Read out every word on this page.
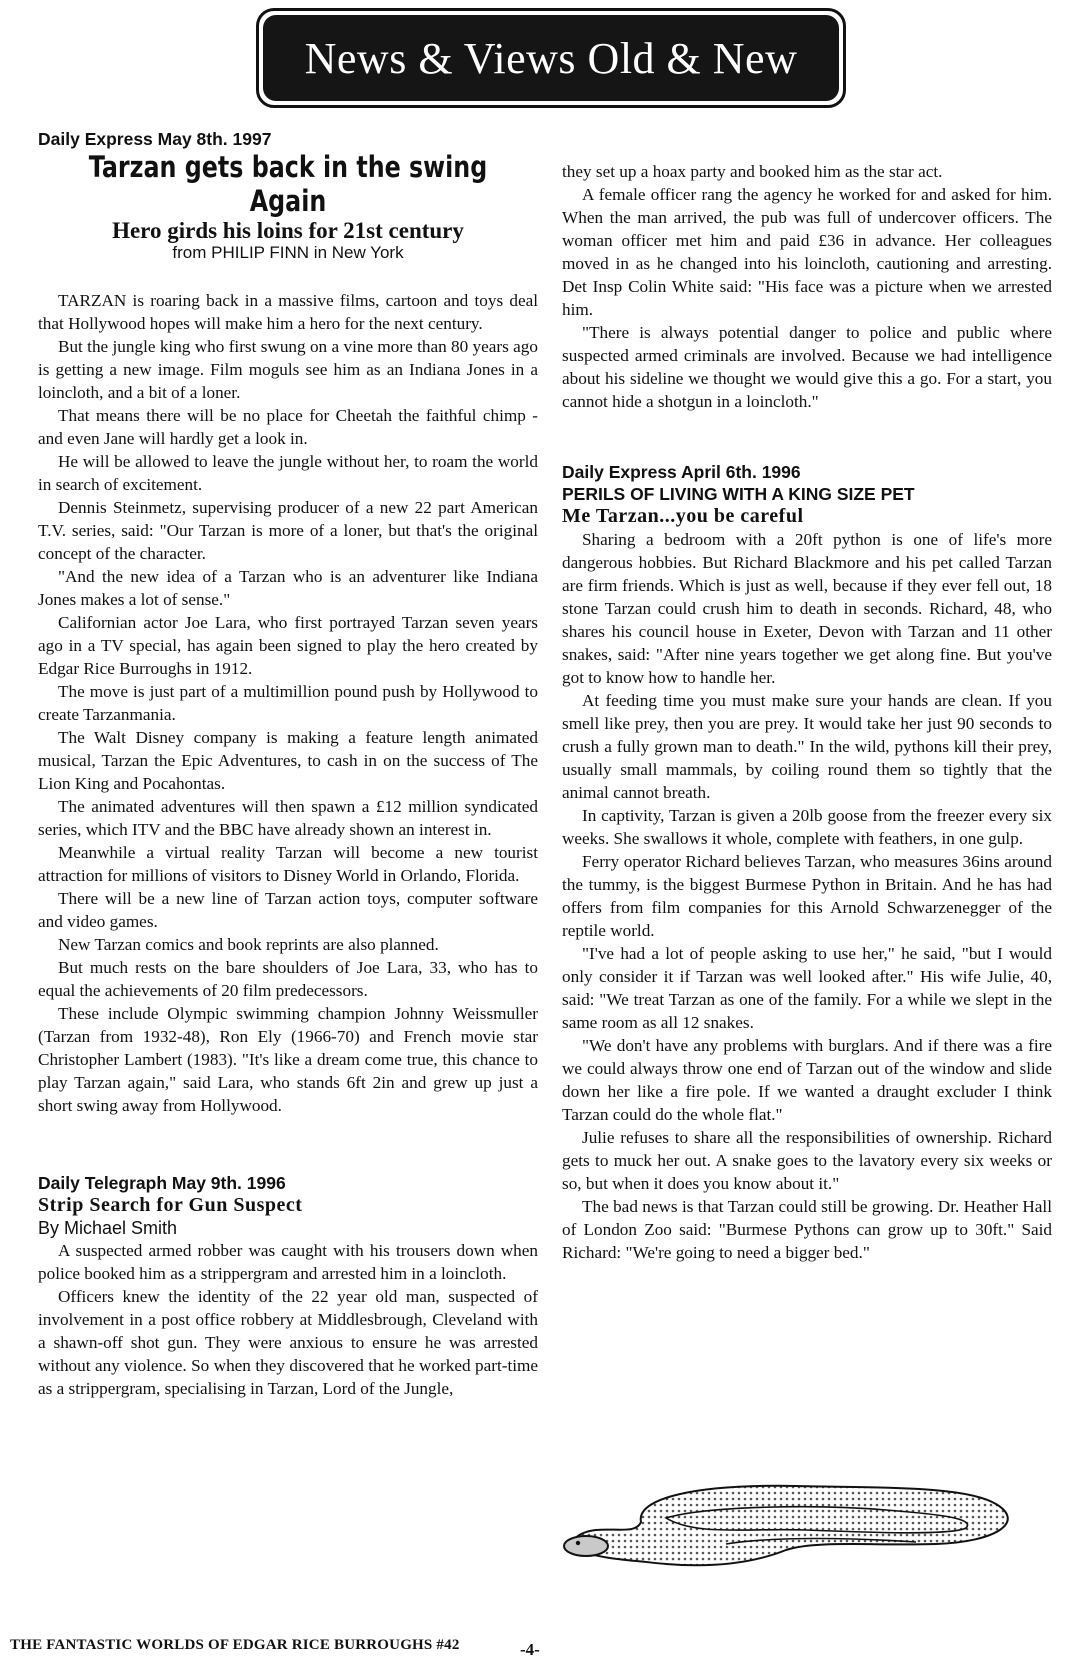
News & Views Old & New

Daily Express May 8th. 1997

Tarzan gets back in the swing Again

Hero girds his loins for 21st century

from PHILIP FINN in New York

TARZAN is roaring back in a massive films, cartoon and toys deal that Hollywood hopes will make him a hero for the next century.

But the jungle king who first swung on a vine more than 80 years ago is getting a new image. Film moguls see him as an Indiana Jones in a loincloth, and a bit of a loner.

That means there will be no place for Cheetah the faithful chimp - and even Jane will hardly get a look in.

He will be allowed to leave the jungle without her, to roam the world in search of excitement.

Dennis Steinmetz, supervising producer of a new 22 part American T.V. series, said: "Our Tarzan is more of a loner, but that's the original concept of the character.

"And the new idea of a Tarzan who is an adventurer like Indiana Jones makes a lot of sense."

Californian actor Joe Lara, who first portrayed Tarzan seven years ago in a TV special, has again been signed to play the hero created by Edgar Rice Burroughs in 1912.

The move is just part of a multimillion pound push by Hollywood to create Tarzanmania.

The Walt Disney company is making a feature length animated musical, Tarzan the Epic Adventures, to cash in on the success of The Lion King and Pocahontas.

The animated adventures will then spawn a £12 million syndicated series, which ITV and the BBC have already shown an interest in.

Meanwhile a virtual reality Tarzan will become a new tourist attraction for millions of visitors to Disney World in Orlando, Florida.

There will be a new line of Tarzan action toys, computer software and video games.

New Tarzan comics and book reprints are also planned.

But much rests on the bare shoulders of Joe Lara, 33, who has to equal the achievements of 20 film predecessors.

These include Olympic swimming champion Johnny Weissmuller (Tarzan from 1932-48), Ron Ely (1966-70) and French movie star Christopher Lambert (1983). "It's like a dream come true, this chance to play Tarzan again," said Lara, who stands 6ft 2in and grew up just a short swing away from Hollywood.

Daily Telegraph May 9th. 1996

Strip Search for Gun Suspect

By Michael Smith

A suspected armed robber was caught with his trousers down when police booked him as a strippergram and arrested him in a loincloth.

Officers knew the identity of the 22 year old man, suspected of involvement in a post office robbery at Middlesbrough, Cleveland with a shawn-off shot gun. They were anxious to ensure he was arrested without any violence. So when they discovered that he worked part-time as a strippergram, specialising in Tarzan, Lord of the Jungle,

they set up a hoax party and booked him as the star act.

A female officer rang the agency he worked for and asked for him. When the man arrived, the pub was full of undercover officers. The woman officer met him and paid £36 in advance. Her colleagues moved in as he changed into his loincloth, cautioning and arresting. Det Insp Colin White said: "His face was a picture when we arrested him.

"There is always potential danger to police and public where suspected armed criminals are involved. Because we had intelligence about his sideline we thought we would give this a go. For a start, you cannot hide a shotgun in a loincloth."

Daily Express April 6th. 1996

PERILS OF LIVING WITH A KING SIZE PET

Me Tarzan...you be careful

Sharing a bedroom with a 20ft python is one of life's more dangerous hobbies. But Richard Blackmore and his pet called Tarzan are firm friends. Which is just as well, because if they ever fell out, 18 stone Tarzan could crush him to death in seconds. Richard, 48, who shares his council house in Exeter, Devon with Tarzan and 11 other snakes, said: "After nine years together we get along fine. But you've got to know how to handle her.

At feeding time you must make sure your hands are clean. If you smell like prey, then you are prey. It would take her just 90 seconds to crush a fully grown man to death." In the wild, pythons kill their prey, usually small mammals, by coiling round them so tightly that the animal cannot breath.

In captivity, Tarzan is given a 20lb goose from the freezer every six weeks. She swallows it whole, complete with feathers, in one gulp.

Ferry operator Richard believes Tarzan, who measures 36ins around the tummy, is the biggest Burmese Python in Britain. And he has had offers from film companies for this Arnold Schwarzenegger of the reptile world.

"I've had a lot of people asking to use her," he said, "but I would only consider it if Tarzan was well looked after." His wife Julie, 40, said: "We treat Tarzan as one of the family. For a while we slept in the same room as all 12 snakes.

"We don't have any problems with burglars. And if there was a fire we could always throw one end of Tarzan out of the window and slide down her like a fire pole. If we wanted a draught excluder I think Tarzan could do the whole flat."

Julie refuses to share all the responsibilities of ownership. Richard gets to muck her out. A snake goes to the lavatory every six weeks or so, but when it does you know about it."

The bad news is that Tarzan could still be growing. Dr. Heather Hall of London Zoo said: "Burmese Pythons can grow up to 30ft." Said Richard: "We're going to need a bigger bed."

THE FANTASTIC WORLDS OF EDGAR RICE BURROUGHS #42	-4-
